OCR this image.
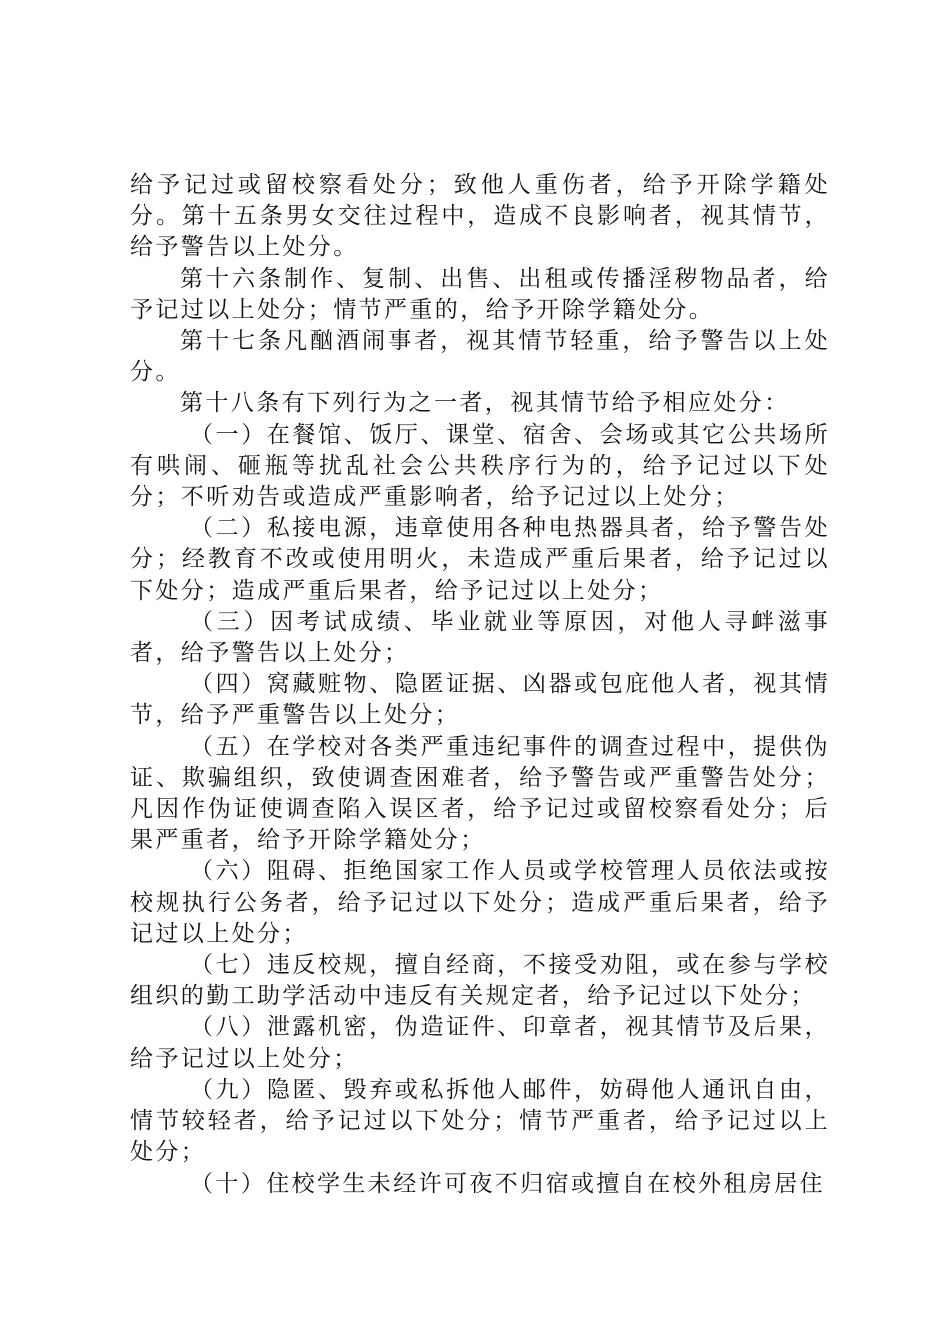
给予记过或留校察看处分；致他人重伤者，给予开除学籍处分。第十五条男女交往过程中，造成不良影响者，视其情节，给予警告以上处分。

第十六条制作、复制、出售、出租或传播淫秽物品者，给予记过以上处分；情节严重的，给予开除学籍处分。

第十七条凡酗酒闹事者，视其情节轻重，给予警告以上处分。

第十八条有下列行为之一者，视其情节给予相应处分：

（一）在餐馆、饭厅、课堂、宿舍、会场或其它公共场所有哄闹、砸瓶等扰乱社会公共秩序行为的，给予记过以下处分；不听劝告或造成严重影响者，给予记过以上处分；

（二）私接电源，违章使用各种电热器具者，给予警告处分；经教育不改或使用明火，未造成严重后果者，给予记过以下处分；造成严重后果者，给予记过以上处分；

（三）因考试成绩、毕业就业等原因，对他人寻衅滋事者，给予警告以上处分；

（四）窝藏赃物、隐匿证据、凶器或包庇他人者，视其情节，给予严重警告以上处分；

（五）在学校对各类严重违纪事件的调查过程中，提供伪证、欺骗组织，致使调查困难者，给予警告或严重警告处分；凡因作伪证使调查陷入误区者，给予记过或留校察看处分；后果严重者，给予开除学籍处分；

（六）阻碍、拒绝国家工作人员或学校管理人员依法或按校规执行公务者，给予记过以下处分；造成严重后果者，给予记过以上处分；

（七）违反校规，擅自经商，不接受劝阻，或在参与学校组织的勤工助学活动中违反有关规定者，给予记过以下处分；

（八）泄露机密，伪造证件、印章者，视其情节及后果，给予记过以上处分；

（九）隐匿、毁弃或私拆他人邮件，妨碍他人通讯自由，情节较轻者，给予记过以下处分；情节严重者，给予记过以上处分；

（十）住校学生未经许可夜不归宿或擅自在校外租房居住
